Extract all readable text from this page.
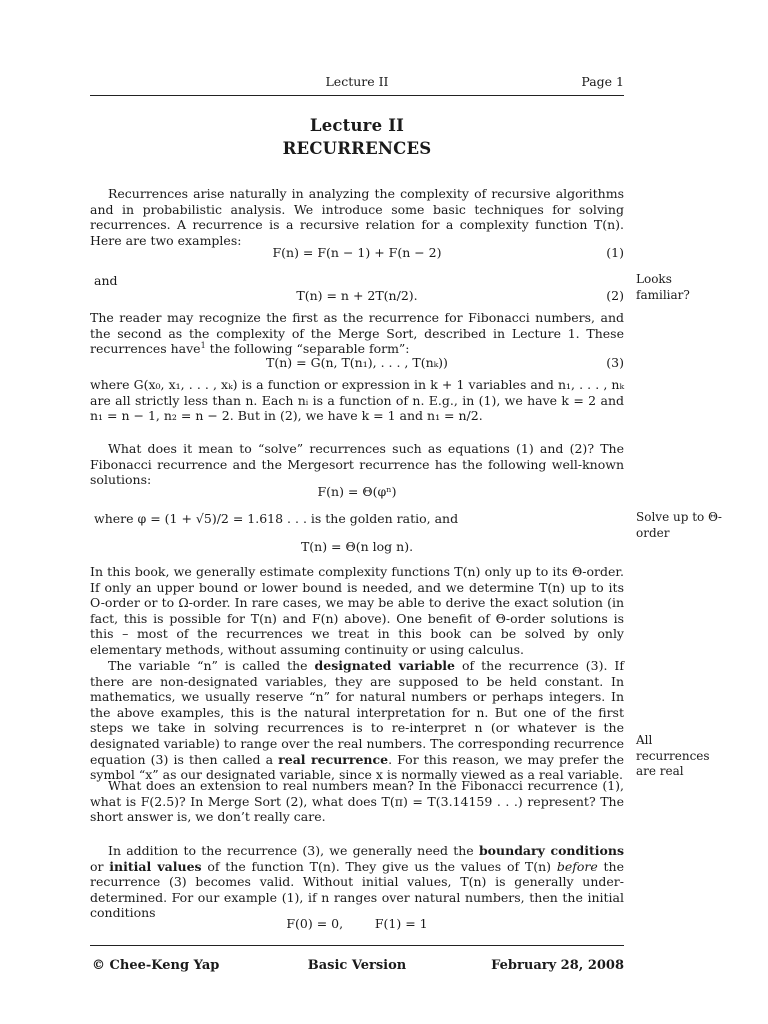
Lecture II	Page 1
Lecture II
RECURRENCES
Recurrences arise naturally in analyzing the complexity of recursive algorithms and in probabilistic analysis. We introduce some basic techniques for solving recurrences. A recurrence is a recursive relation for a complexity function T(n). Here are two examples:
F(n) = F(n − 1) + F(n − 2)	(1)
and
T(n) = n + 2T(n/2).	(2)
Looks familiar?
The reader may recognize the first as the recurrence for Fibonacci numbers, and the second as the complexity of the Merge Sort, described in Lecture 1. These recurrences have$^1$ the following “separable form”:
T(n) = G(n, T(n₁), . . . , T(nₖ))	(3)
where G(x₀, x₁, . . . , xₖ) is a function or expression in k + 1 variables and n₁, . . . , nₖ are all strictly less than n. Each nᵢ is a function of n. E.g., in (1), we have k = 2 and n₁ = n − 1, n₂ = n − 2. But in (2), we have k = 1 and n₁ = n/2.
What does it mean to “solve” recurrences such as equations (1) and (2)? The Fibonacci recurrence and the Mergesort recurrence has the following well-known solutions:
F(n) = Θ(φⁿ)
where φ = (1 + √5)/2 = 1.618 . . . is the golden ratio, and	Solve up to Θ-order
T(n) = Θ(n log n).
In this book, we generally estimate complexity functions T(n) only up to its Θ-order. If only an upper bound or lower bound is needed, and we determine T(n) up to its O-order or to Ω-order. In rare cases, we may be able to derive the exact solution (in fact, this is possible for T(n) and F(n) above). One benefit of Θ-order solutions is this – most of the recurrences we treat in this book can be solved by only elementary methods, without assuming continuity or using calculus.
The variable “n” is called the designated variable of the recurrence (3). If there are non-designated variables, they are supposed to be held constant. In mathematics, we usually reserve “n” for natural numbers or perhaps integers. In the above examples, this is the natural interpretation for n. But one of the first steps we take in solving recurrences is to re-interpret n (or whatever is the designated variable) to range over the real numbers. The corresponding recurrence equation (3) is then called a real recurrence. For this reason, we may prefer the symbol “x” as our designated variable, since x is normally viewed as a real variable.
All recurrences are real
What does an extension to real numbers mean? In the Fibonacci recurrence (1), what is F(2.5)? In Merge Sort (2), what does T(π) = T(3.14159 . . .) represent? The short answer is, we don’t really care.
In addition to the recurrence (3), we generally need the boundary conditions or initial values of the function T(n). They give us the values of T(n) before the recurrence (3) becomes valid. Without initial values, T(n) is generally under-determined. For our example (1), if n ranges over natural numbers, then the initial conditions
F(0) = 0,        F(1) = 1
© Chee-Keng Yap	Basic Version	February 28, 2008
